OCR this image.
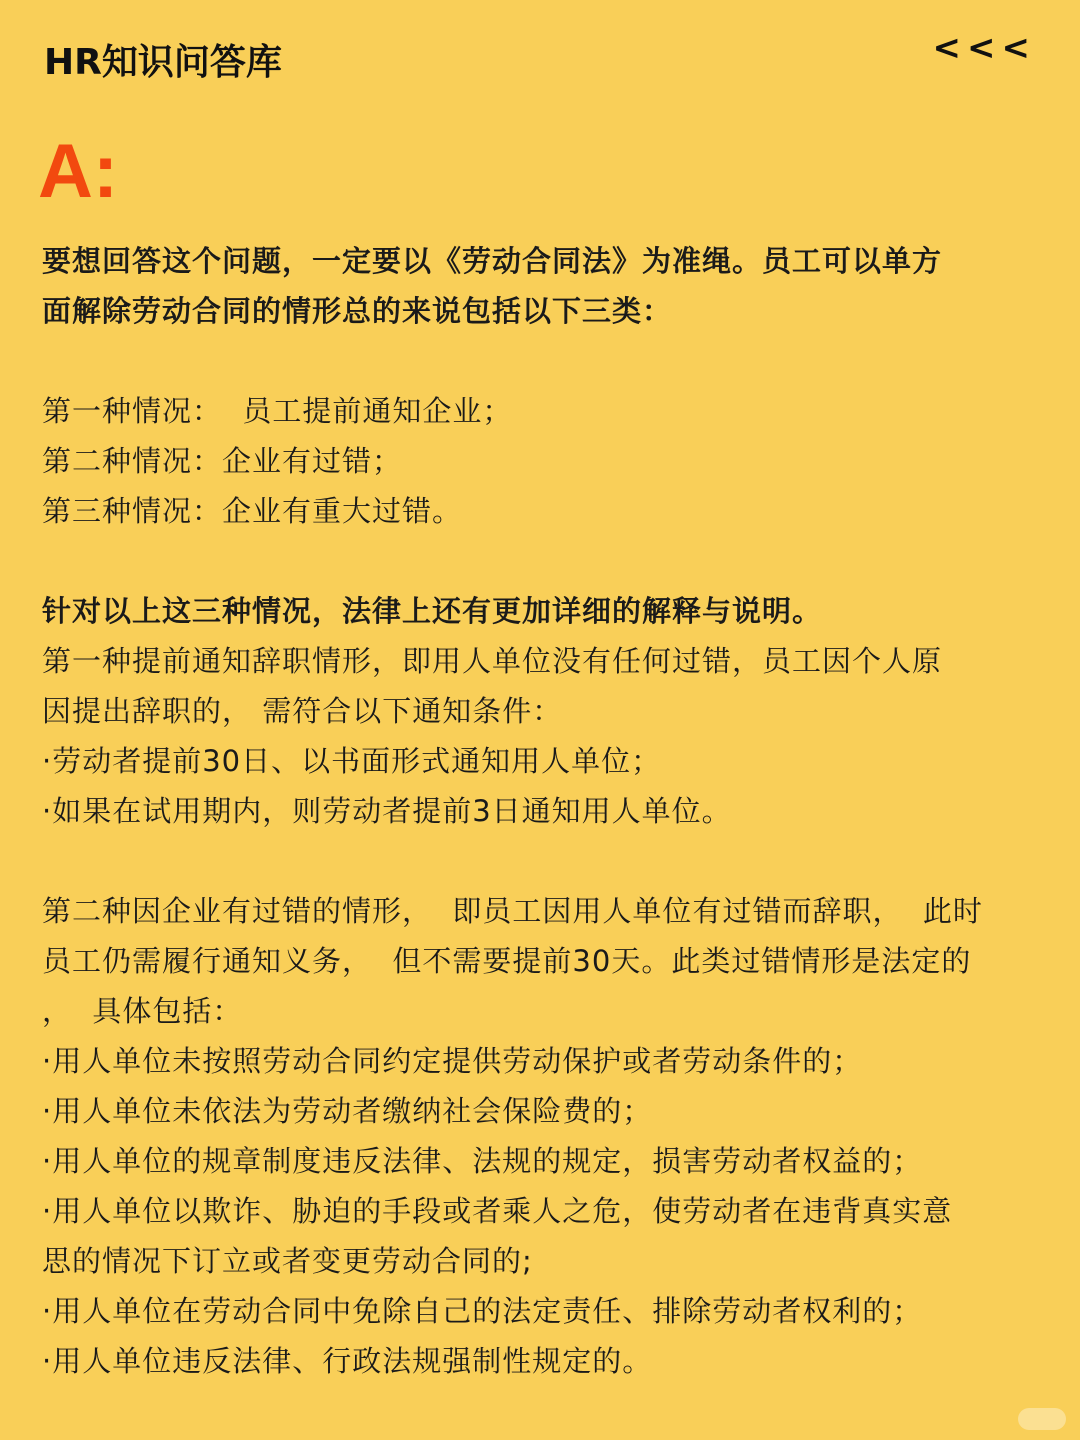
HR知识问答库	<<<
A:
要想回答这个问题，一定要以《劳动合同法》为准绳。员工可以单方
面解除劳动合同的情形总的来说包括以下三类：
第一种情况：  员工提前通知企业；
第二种情况：企业有过错；
第三种情况：企业有重大过错。
针对以上这三种情况，法律上还有更加详细的解释与说明。
第一种提前通知辞职情形，即用人单位没有任何过错，员工因个人原
因提出辞职的， 需符合以下通知条件：
·劳动者提前30日、以书面形式通知用人单位；
·如果在试用期内，则劳动者提前3日通知用人单位。
第二种因企业有过错的情形，  即员工因用人单位有过错而辞职，  此时
员工仍需履行通知义务，  但不需要提前30天。此类过错情形是法定的
，  具体包括：
·用人单位未按照劳动合同约定提供劳动保护或者劳动条件的；
·用人单位未依法为劳动者缴纳社会保险费的；
·用人单位的规章制度违反法律、法规的规定，损害劳动者权益的；
·用人单位以欺诈、胁迫的手段或者乘人之危，使劳动者在违背真实意
思的情况下订立或者变更劳动合同的;
·用人单位在劳动合同中免除自己的法定责任、排除劳动者权利的；
·用人单位违反法律、行政法规强制性规定的。
